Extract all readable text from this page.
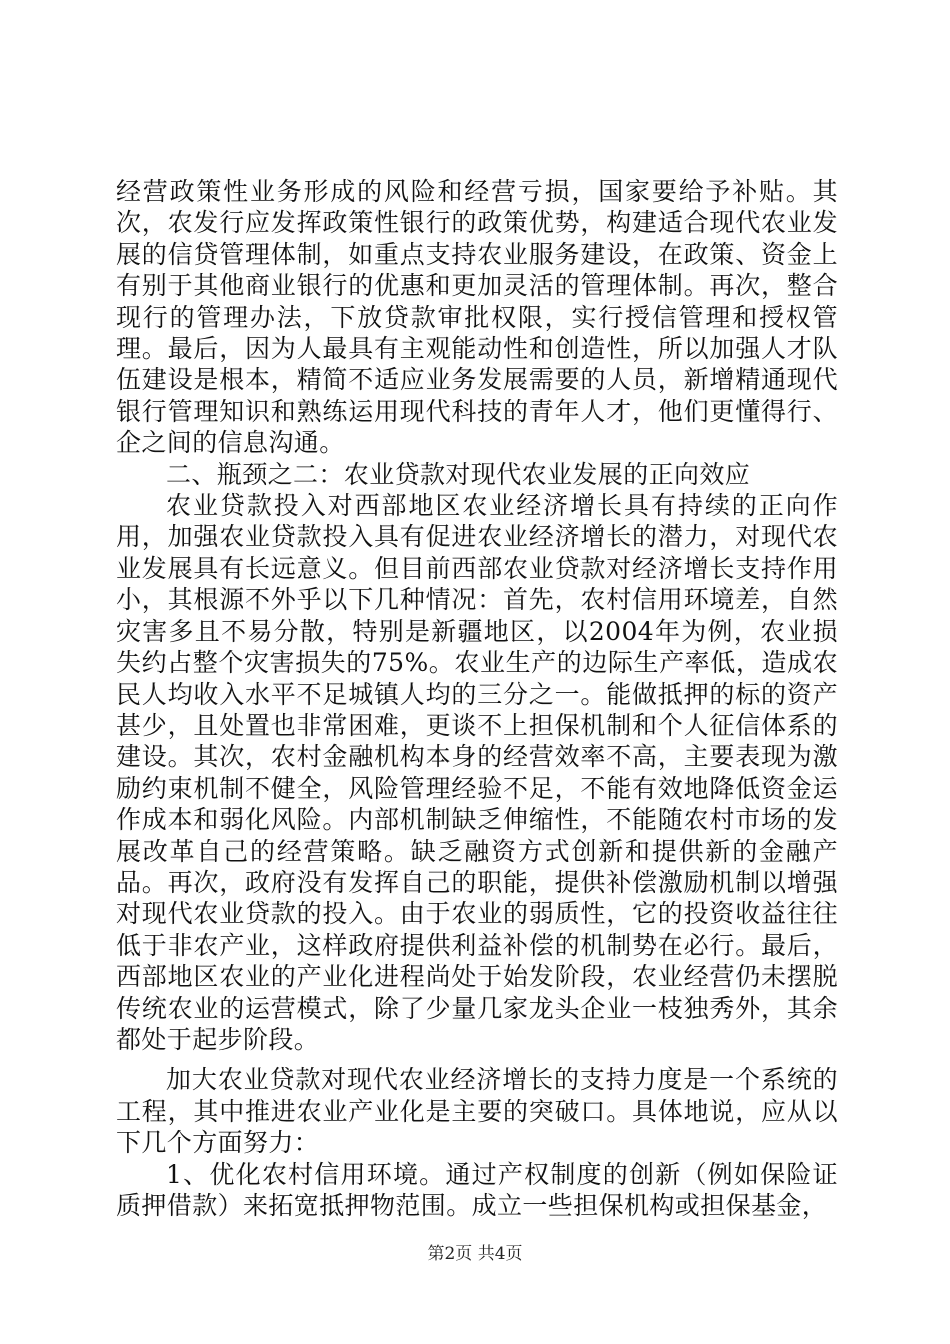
经营政策性业务形成的风险和经营亏损，国家要给予补贴。其次，农发行应发挥政策性银行的政策优势，构建适合现代农业发展的信贷管理体制，如重点支持农业服务建设，在政策、资金上有别于其他商业银行的优惠和更加灵活的管理体制。再次，整合现行的管理办法，下放贷款审批权限，实行授信管理和授权管理。最后，因为人最具有主观能动性和创造性，所以加强人才队伍建设是根本，精简不适应业务发展需要的人员，新增精通现代银行管理知识和熟练运用现代科技的青年人才，他们更懂得行、企之间的信息沟通。

二、瓶颈之二：农业贷款对现代农业发展的正向效应

农业贷款投入对西部地区农业经济增长具有持续的正向作用，加强农业贷款投入具有促进农业经济增长的潜力，对现代农业发展具有长远意义。但目前西部农业贷款对经济增长支持作用小，其根源不外乎以下几种情况：首先，农村信用环境差，自然灾害多且不易分散，特别是新疆地区，以2004年为例，农业损失约占整个灾害损失的75%。农业生产的边际生产率低，造成农民人均收入水平不足城镇人均的三分之一。能做抵押的标的资产甚少，且处置也非常困难，更谈不上担保机制和个人征信体系的建设。其次，农村金融机构本身的经营效率不高，主要表现为激励约束机制不健全，风险管理经验不足，不能有效地降低资金运作成本和弱化风险。内部机制缺乏伸缩性，不能随农村市场的发展改革自己的经营策略。缺乏融资方式创新和提供新的金融产品。再次，政府没有发挥自己的职能，提供补偿激励机制以增强对现代农业贷款的投入。由于农业的弱质性，它的投资收益往往低于非农产业，这样政府提供利益补偿的机制势在必行。最后，西部地区农业的产业化进程尚处于始发阶段，农业经营仍未摆脱传统农业的运营模式，除了少量几家龙头企业一枝独秀外，其余都处于起步阶段。

加大农业贷款对现代农业经济增长的支持力度是一个系统的工程，其中推进农业产业化是主要的突破口。具体地说，应从以下几个方面努力：

1、优化农村信用环境。通过产权制度的创新（例如保险证质押借款）来拓宽抵押物范围。成立一些担保机构或担保基金，

第2页 共4页
